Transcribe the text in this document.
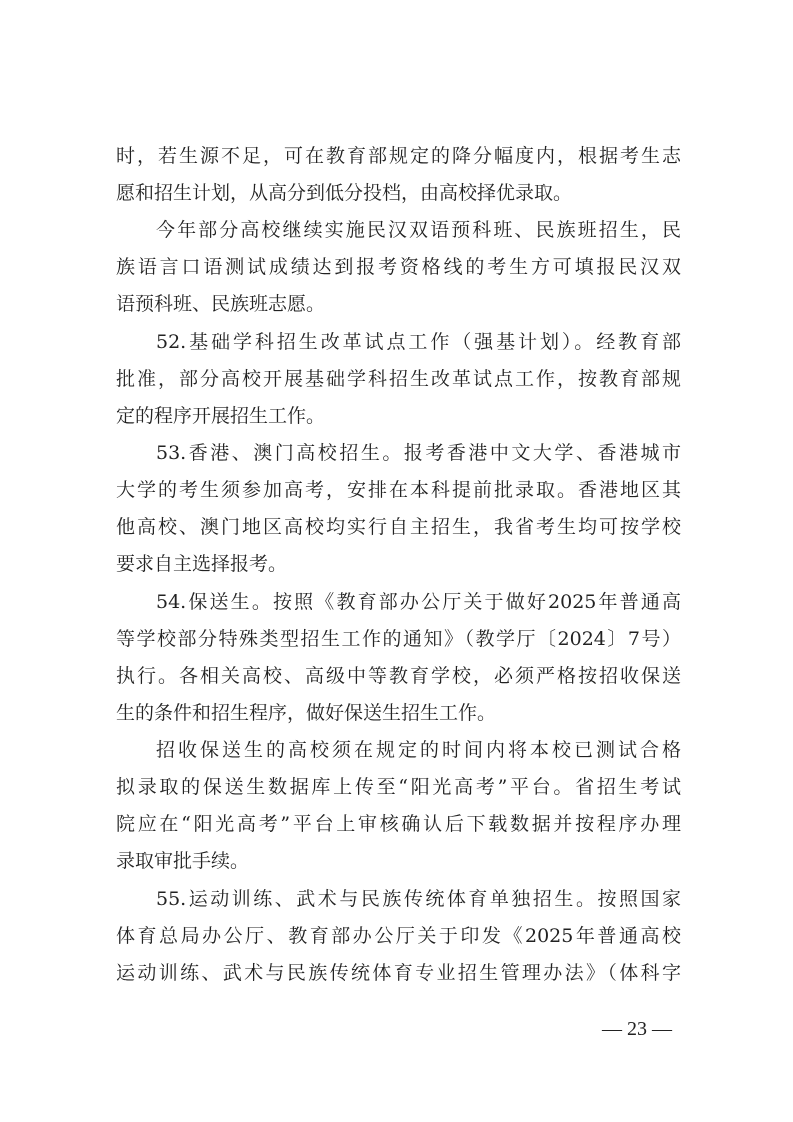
时，若生源不足，可在教育部规定的降分幅度内，根据考生志
愿和招生计划，从高分到低分投档，由高校择优录取。
今年部分高校继续实施民汉双语预科班、民族班招生，民
族语言口语测试成绩达到报考资格线的考生方可填报民汉双
语预科班、民族班志愿。
52.基础学科招生改革试点工作（强基计划）。经教育部
批准，部分高校开展基础学科招生改革试点工作，按教育部规
定的程序开展招生工作。
53.香港、澳门高校招生。报考香港中文大学、香港城市
大学的考生须参加高考，安排在本科提前批录取。香港地区其
他高校、澳门地区高校均实行自主招生，我省考生均可按学校
要求自主选择报考。
54.保送生。按照《教育部办公厅关于做好2025年普通高
等学校部分特殊类型招生工作的通知》（教学厅〔2024〕7号）
执行。各相关高校、高级中等教育学校，必须严格按招收保送
生的条件和招生程序，做好保送生招生工作。
招收保送生的高校须在规定的时间内将本校已测试合格
拟录取的保送生数据库上传至“阳光高考”平台。省招生考试
院应在“阳光高考”平台上审核确认后下载数据并按程序办理
录取审批手续。
55.运动训练、武术与民族传统体育单独招生。按照国家
体育总局办公厅、教育部办公厅关于印发《2025年普通高校
运动训练、武术与民族传统体育专业招生管理办法》（体科字
— 23 —
